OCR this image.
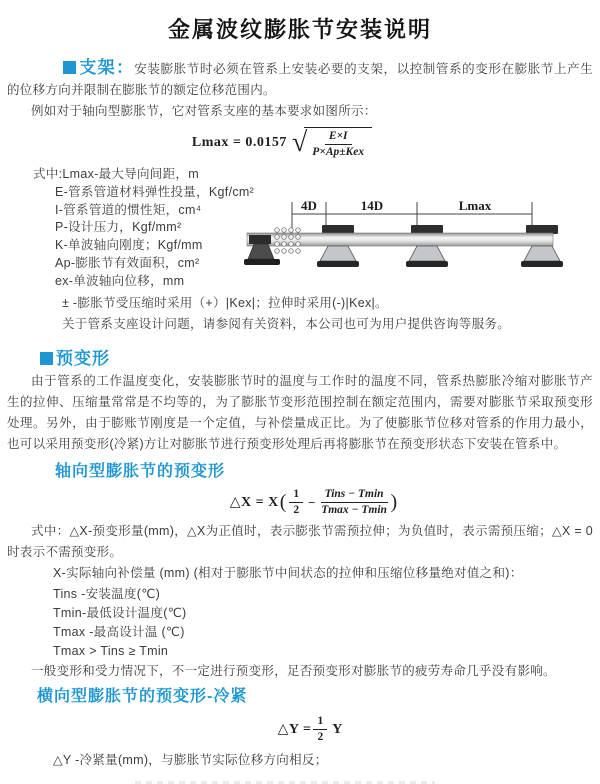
金属波纹膨胀节安装说明

支架：安装膨胀节时必须在管系上安装必要的支架，以控制管系的变形在膨胀节上产生的位移方向并限制在膨胀节的额定位移范围内。

例如对于轴向型膨胀节，它对管系支座的基本要求如图所示：

Lmax = 0.0157 √ $\frac{E\times I}{\text{P×Ap±Kex}}$

式中:Lmax-最大导向间距，m

E-管系管道材料弹性投量，Kgf/cm²

I-管系管道的惯性矩，cm⁴

P-设计压力，Kgf/mm²

K-单波轴向刚度；Kgf/mm

Ap-膨胀节有效面积，cm²

ex-单波轴向位移，mm

4D	14D	Lmax

± -膨胀节受压缩时采用（+）|Kex|；拉伸时采用(-)|Kex|。

关于管系支座设计问题，请参阅有关资料，本公司也可为用户提供咨询等服务。

预变形

由于管系的工作温度变化，安装膨胀节时的温度与工作时的温度不同，管系热膨胀冷缩对膨胀节产生的拉伸、压缩量常常是不均等的，为了膨胀节变形范围控制在额定范围内，需要对膨胀节采取预变形处理。另外，由于膨账节刚度是一个定值，与补偿量成正比。为了使膨胀节位移对管系的作用力最小，也可以采用预变形(冷紧)方让对膨胀节进行预变形处理后再将膨胀节在预变形状态下安装在管系中。

轴向型膨胀节的预变形
△X = X ( $\frac{1}{2} - \frac{\text{Tins − Tmin}}{Tmax - Tmin}$ )

式中：△X-预变形量(mm)，△X为正值时，表示膨张节需预拉伸；为负值时，表示需预压缩；△X = 0时表示不需预变形。

X-实际轴向补偿量 (mm) (相对于膨胀节中间状态的拉伸和压缩位移量绝对值之和)：

Tins -安装温度(℃)

Tmin-最低设计温度(℃)

Tmax -最高设计温 (℃)

Tmax > Tins ≥ Tmin

一般变形和受力情况下，不一定进行预变形，足否预变形对膨胀节的疲劳寿命几乎没有影响。

横向型膨胀节的预变形-冷紧
△Y = $\frac{1}{2}$ Y

△Y -冷紧量(mm)，与膨胀节实际位移方向相反；
